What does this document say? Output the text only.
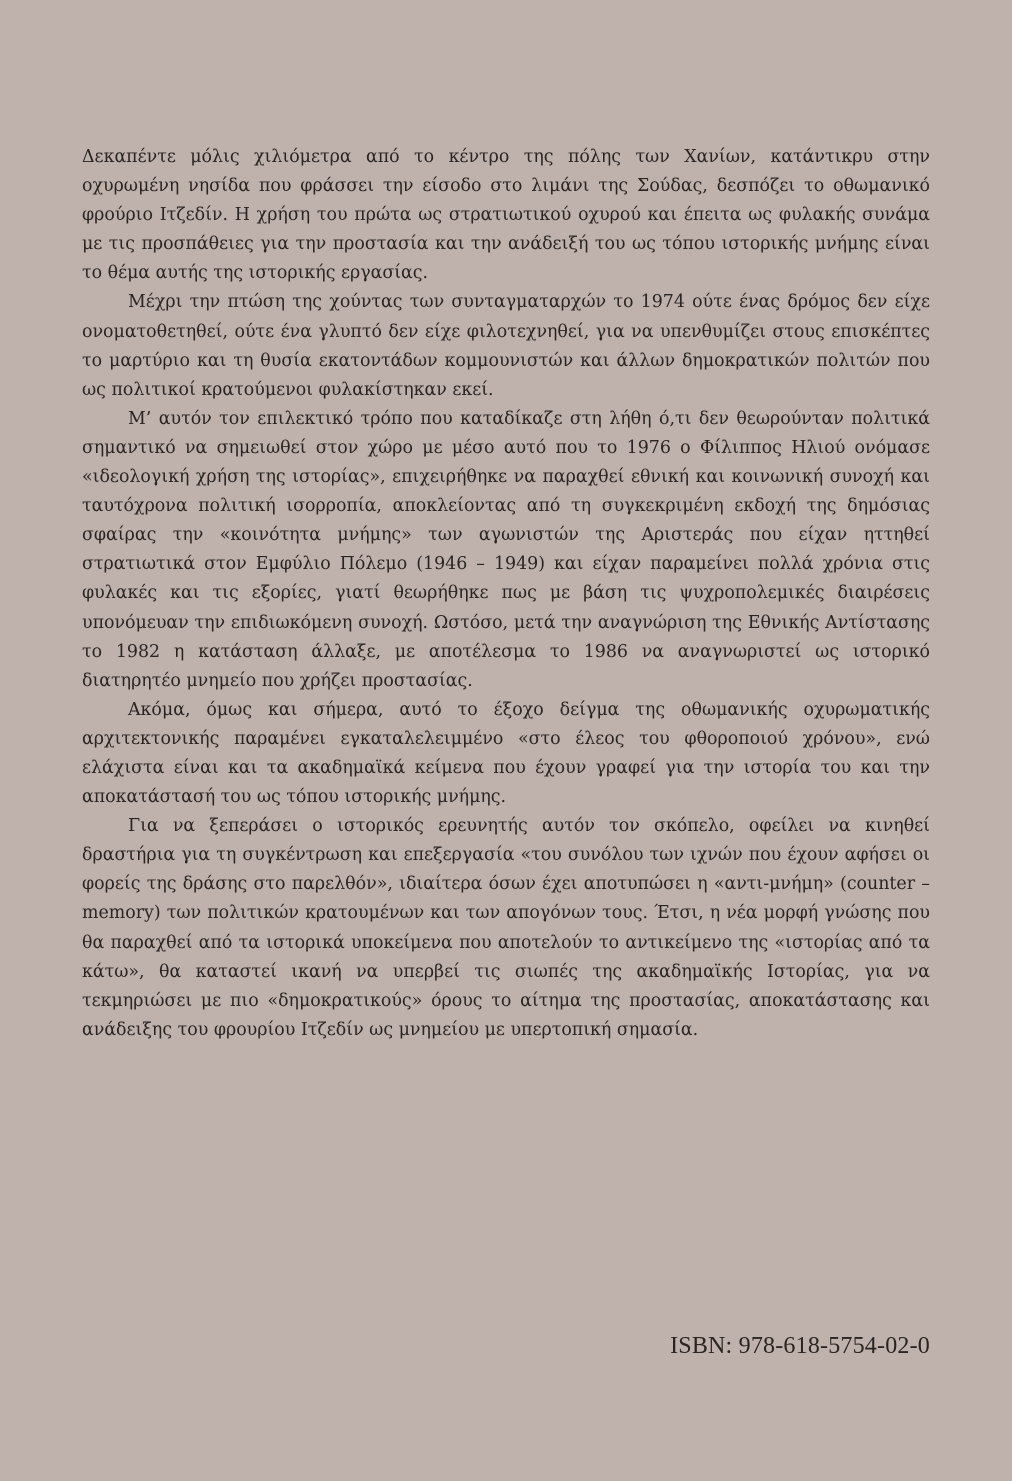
Δεκαπέντε μόλις χιλιόμετρα από το κέντρο της πόλης των Χανίων, κατάντικρυ στην οχυρωμένη νησίδα που φράσσει την είσοδο στο λιμάνι της Σούδας, δεσπόζει το οθωμανικό φρούριο Ιτζεδίν. Η χρήση του πρώτα ως στρατιωτικού οχυρού και έπειτα ως φυλακής συνάμα με τις προσπάθειες για την προστασία και την ανάδειξή του ως τόπου ιστορικής μνήμης είναι το θέμα αυτής της ιστορικής εργασίας.

Μέχρι την πτώση της χούντας των συνταγματαρχών το 1974 ούτε ένας δρόμος δεν είχε ονοματοθετηθεί, ούτε ένα γλυπτό δεν είχε φιλοτεχνηθεί, για να υπενθυμίζει στους επισκέπτες το μαρτύριο και τη θυσία εκατοντάδων κομμουνιστών και άλλων δημοκρατικών πολιτών που ως πολιτικοί κρατούμενοι φυλακίστηκαν εκεί.

Μ’ αυτόν τον επιλεκτικό τρόπο που καταδίκαζε στη λήθη ό,τι δεν θεωρούνταν πολιτικά σημαντικό να σημειωθεί στον χώρο με μέσο αυτό που το 1976 ο Φίλιππος Ηλιού ονόμασε «ιδεολογική χρήση της ιστορίας», επιχειρήθηκε να παραχθεί εθνική και κοινωνική συνοχή και ταυτόχρονα πολιτική ισορροπία, αποκλείοντας από τη συγκεκριμένη εκδοχή της δημόσιας σφαίρας την «κοινότητα μνήμης» των αγωνιστών της Αριστεράς που είχαν ηττηθεί στρατιωτικά στον Εμφύλιο Πόλεμο (1946 – 1949) και είχαν παραμείνει πολλά χρόνια στις φυλακές και τις εξορίες, γιατί θεωρήθηκε πως με βάση τις ψυχροπολεμικές διαιρέσεις υπονόμευαν την επιδιωκόμενη συνοχή. Ωστόσο, μετά την αναγνώριση της Εθνικής Αντίστασης το 1982 η κατάσταση άλλαξε, με αποτέλεσμα το 1986 να αναγνωριστεί ως ιστορικό διατηρητέο μνημείο που χρήζει προστασίας.

Ακόμα, όμως και σήμερα, αυτό το έξοχο δείγμα της οθωμανικής οχυρωματικής αρχιτεκτονικής παραμένει εγκαταλελειμμένο «στο έλεος του φθοροποιού χρόνου», ενώ ελάχιστα είναι και τα ακαδημαϊκά κείμενα που έχουν γραφεί για την ιστορία του και την αποκατάστασή του ως τόπου ιστορικής μνήμης.

Για να ξεπεράσει ο ιστορικός ερευνητής αυτόν τον σκόπελο, οφείλει να κινηθεί δραστήρια για τη συγκέντρωση και επεξεργασία «του συνόλου των ιχνών που έχουν αφήσει οι φορείς της δράσης στο παρελθόν», ιδιαίτερα όσων έχει αποτυπώσει η «αντι-μνήμη» (counter – memory) των πολιτικών κρατουμένων και των απογόνων τους. Έτσι, η νέα μορφή γνώσης που θα παραχθεί από τα ιστορικά υποκείμενα που αποτελούν το αντικείμενο της «ιστορίας από τα κάτω», θα καταστεί ικανή να υπερβεί τις σιωπές της ακαδημαϊκής Ιστορίας, για να τεκμηριώσει με πιο «δημοκρατικούς» όρους το αίτημα της προστασίας, αποκατάστασης και ανάδειξης του φρουρίου Ιτζεδίν ως μνημείου με υπερτοπική σημασία.

ISBN: 978-618-5754-02-0
